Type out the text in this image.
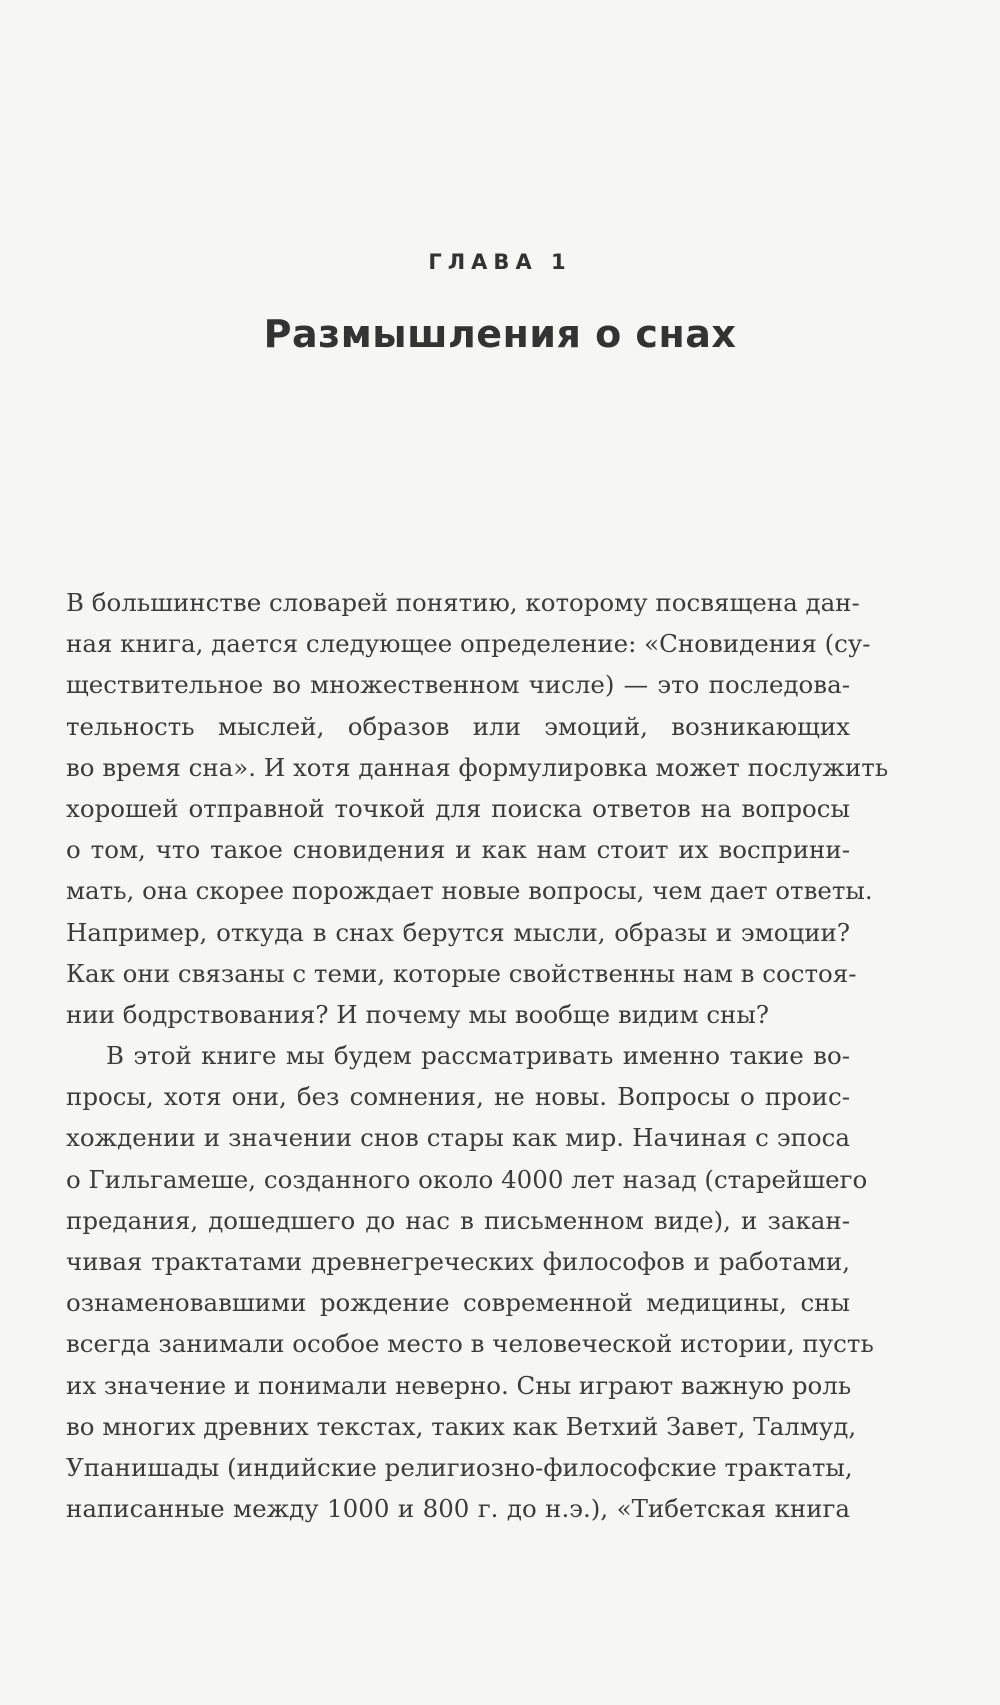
ГЛАВА 1
Размышления о снах
В большинстве словарей понятию, которому посвящена дан-
ная книга, дается следующее определение: «Сновидения (су-
ществительное во множественном числе) — это последова-
тельность мыслей, образов или эмоций, возникающих
во время сна». И хотя данная формулировка может послужить
хорошей отправной точкой для поиска ответов на вопросы
о том, что такое сновидения и как нам стоит их восприни-
мать, она скорее порождает новые вопросы, чем дает ответы.
Например, откуда в снах берутся мысли, образы и эмоции?
Как они связаны с теми, которые свойственны нам в состоя-
нии бодрствования? И почему мы вообще видим сны?
В этой книге мы будем рассматривать именно такие во-
просы, хотя они, без сомнения, не новы. Вопросы о проис-
хождении и значении снов стары как мир. Начиная с эпоса
о Гильгамеше, созданного около 4000 лет назад (старейшего
предания, дошедшего до нас в письменном виде), и закан-
чивая трактатами древнегреческих философов и работами,
ознаменовавшими рождение современной медицины, сны
всегда занимали особое место в человеческой истории, пусть
их значение и понимали неверно. Сны играют важную роль
во многих древних текстах, таких как Ветхий Завет, Талмуд,
Упанишады (индийские религиозно-философские трактаты,
написанные между 1000 и 800 г. до н.э.), «Тибетская книга
